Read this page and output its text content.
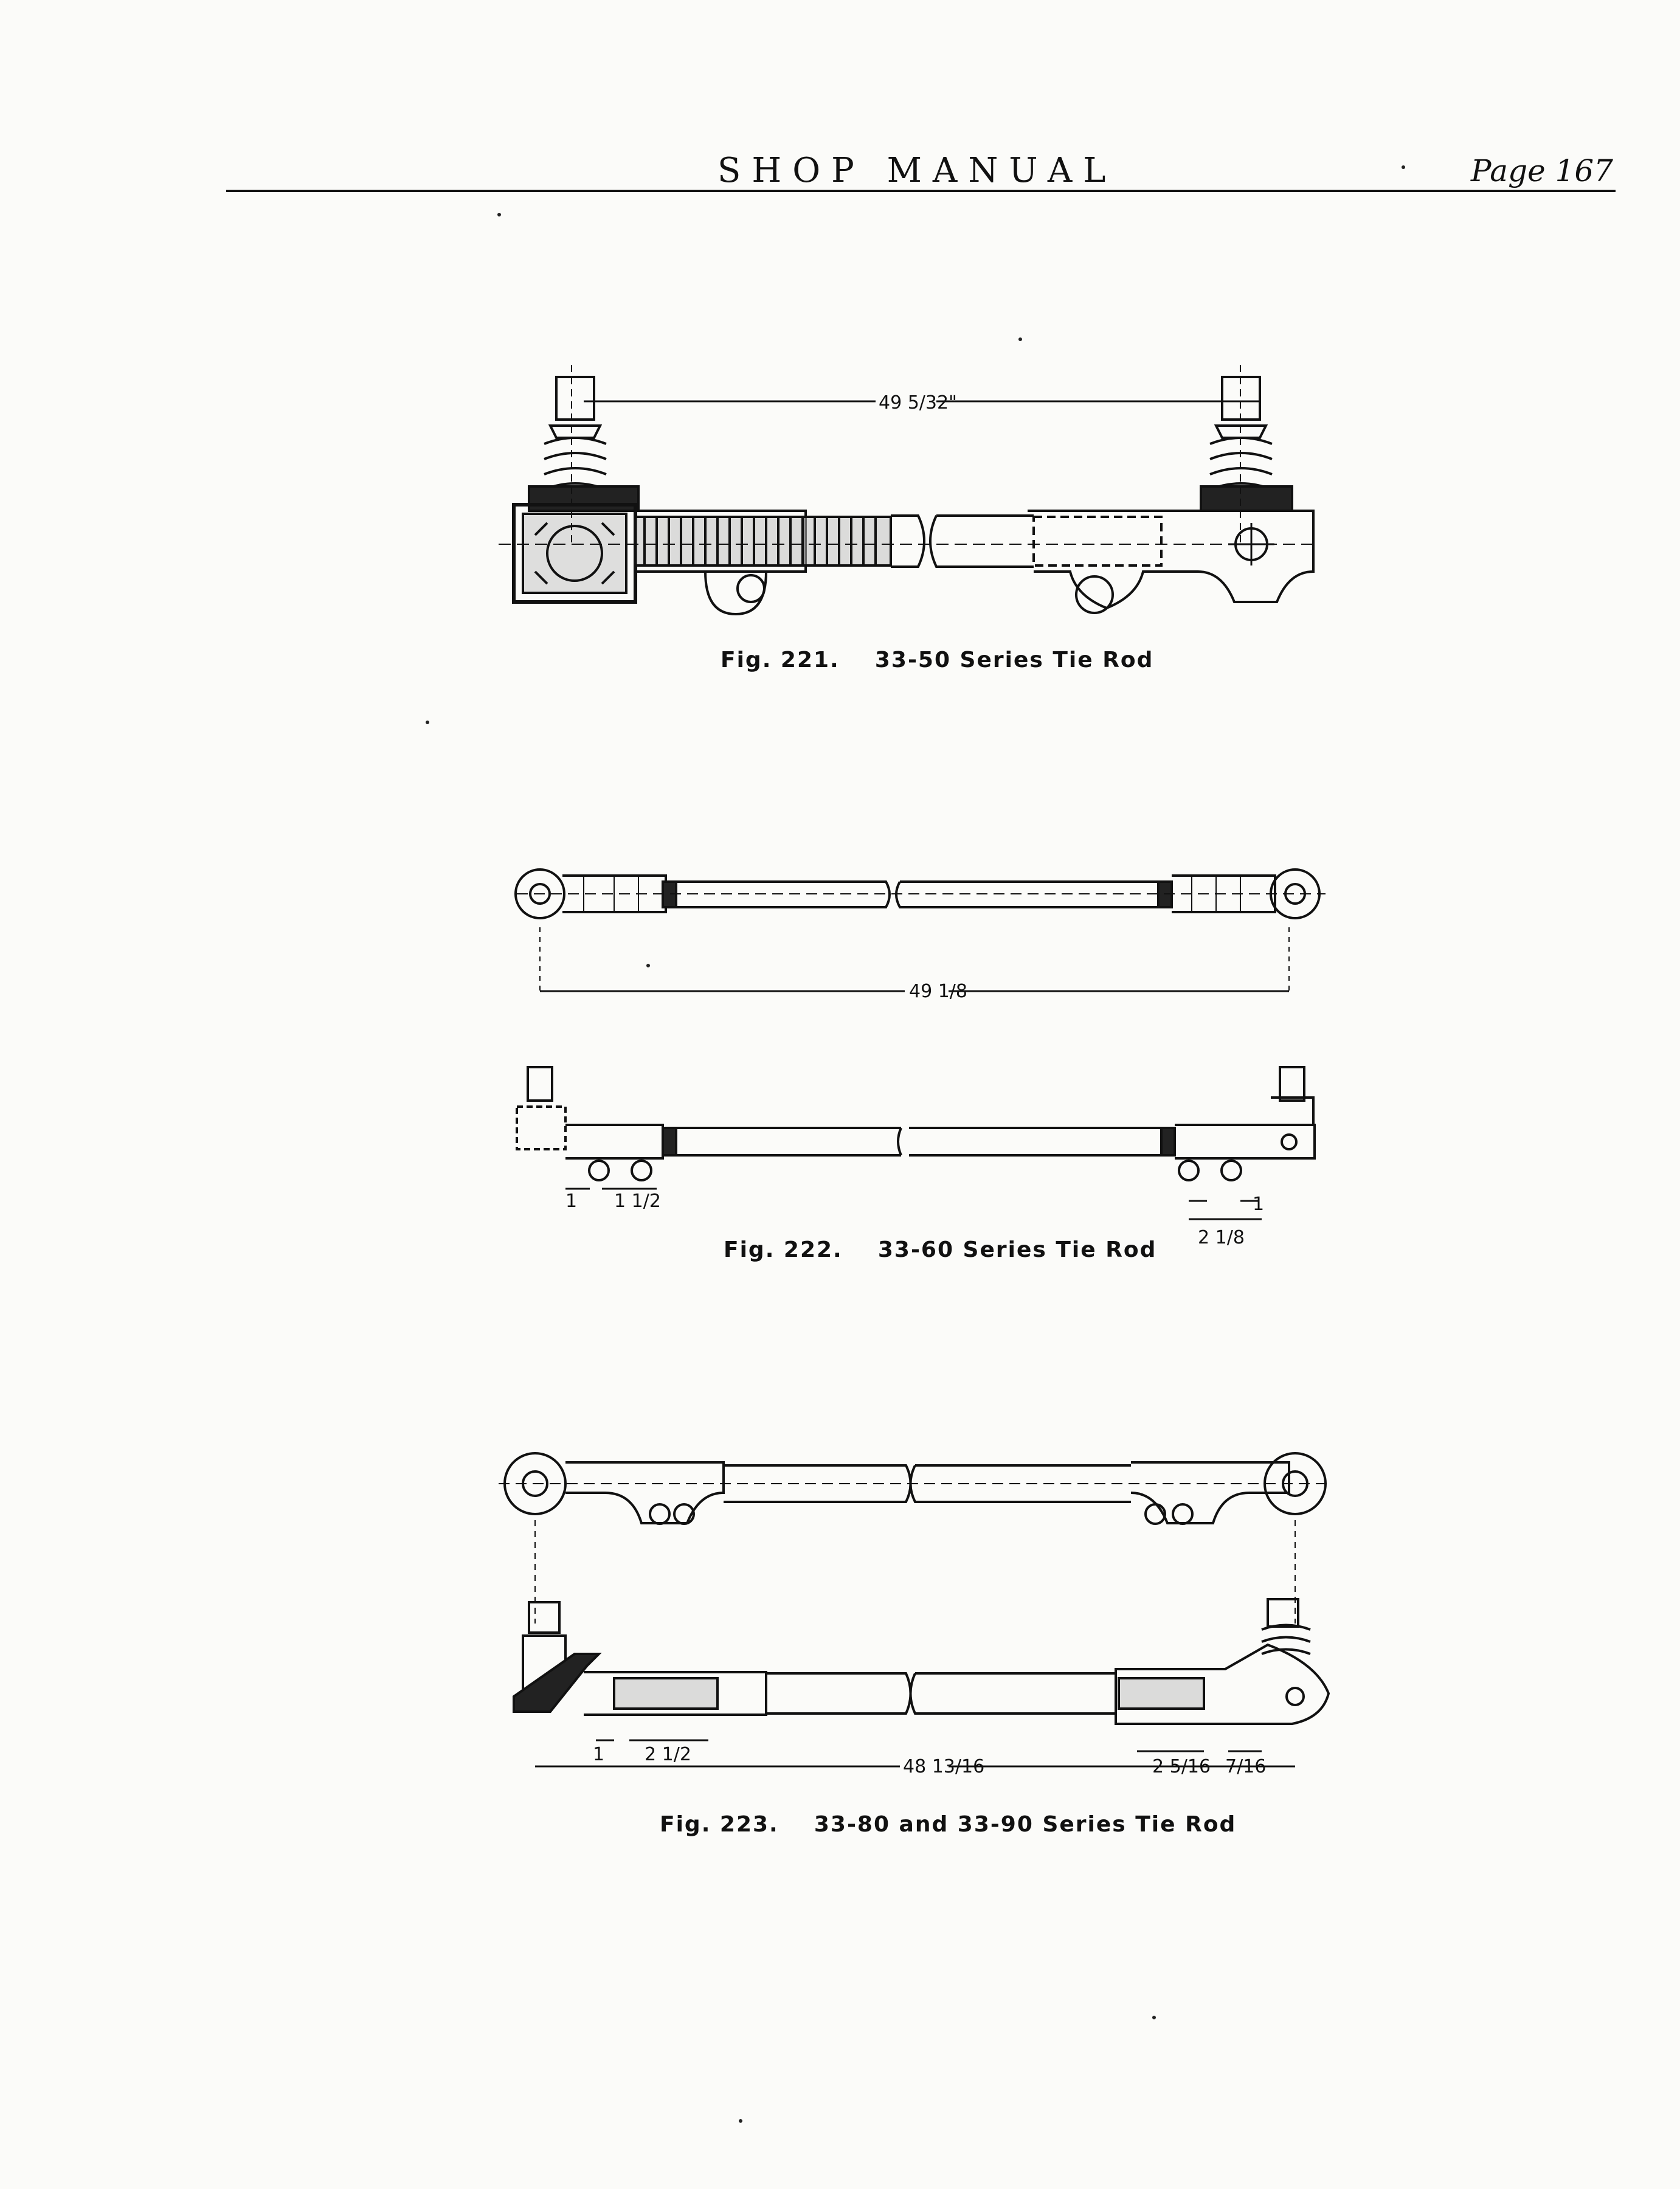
SHOP MANUAL	Page 167
49 5/32"
49 1/8
1 1 1/2
2 1/8
1
48 13/16
1 2 1/2
2 5/16 7/16
Fig. 221. 33-50 Series Tie Rod
Fig. 222. 33-60 Series Tie Rod
Fig. 223. 33-80 and 33-90 Series Tie Rod
